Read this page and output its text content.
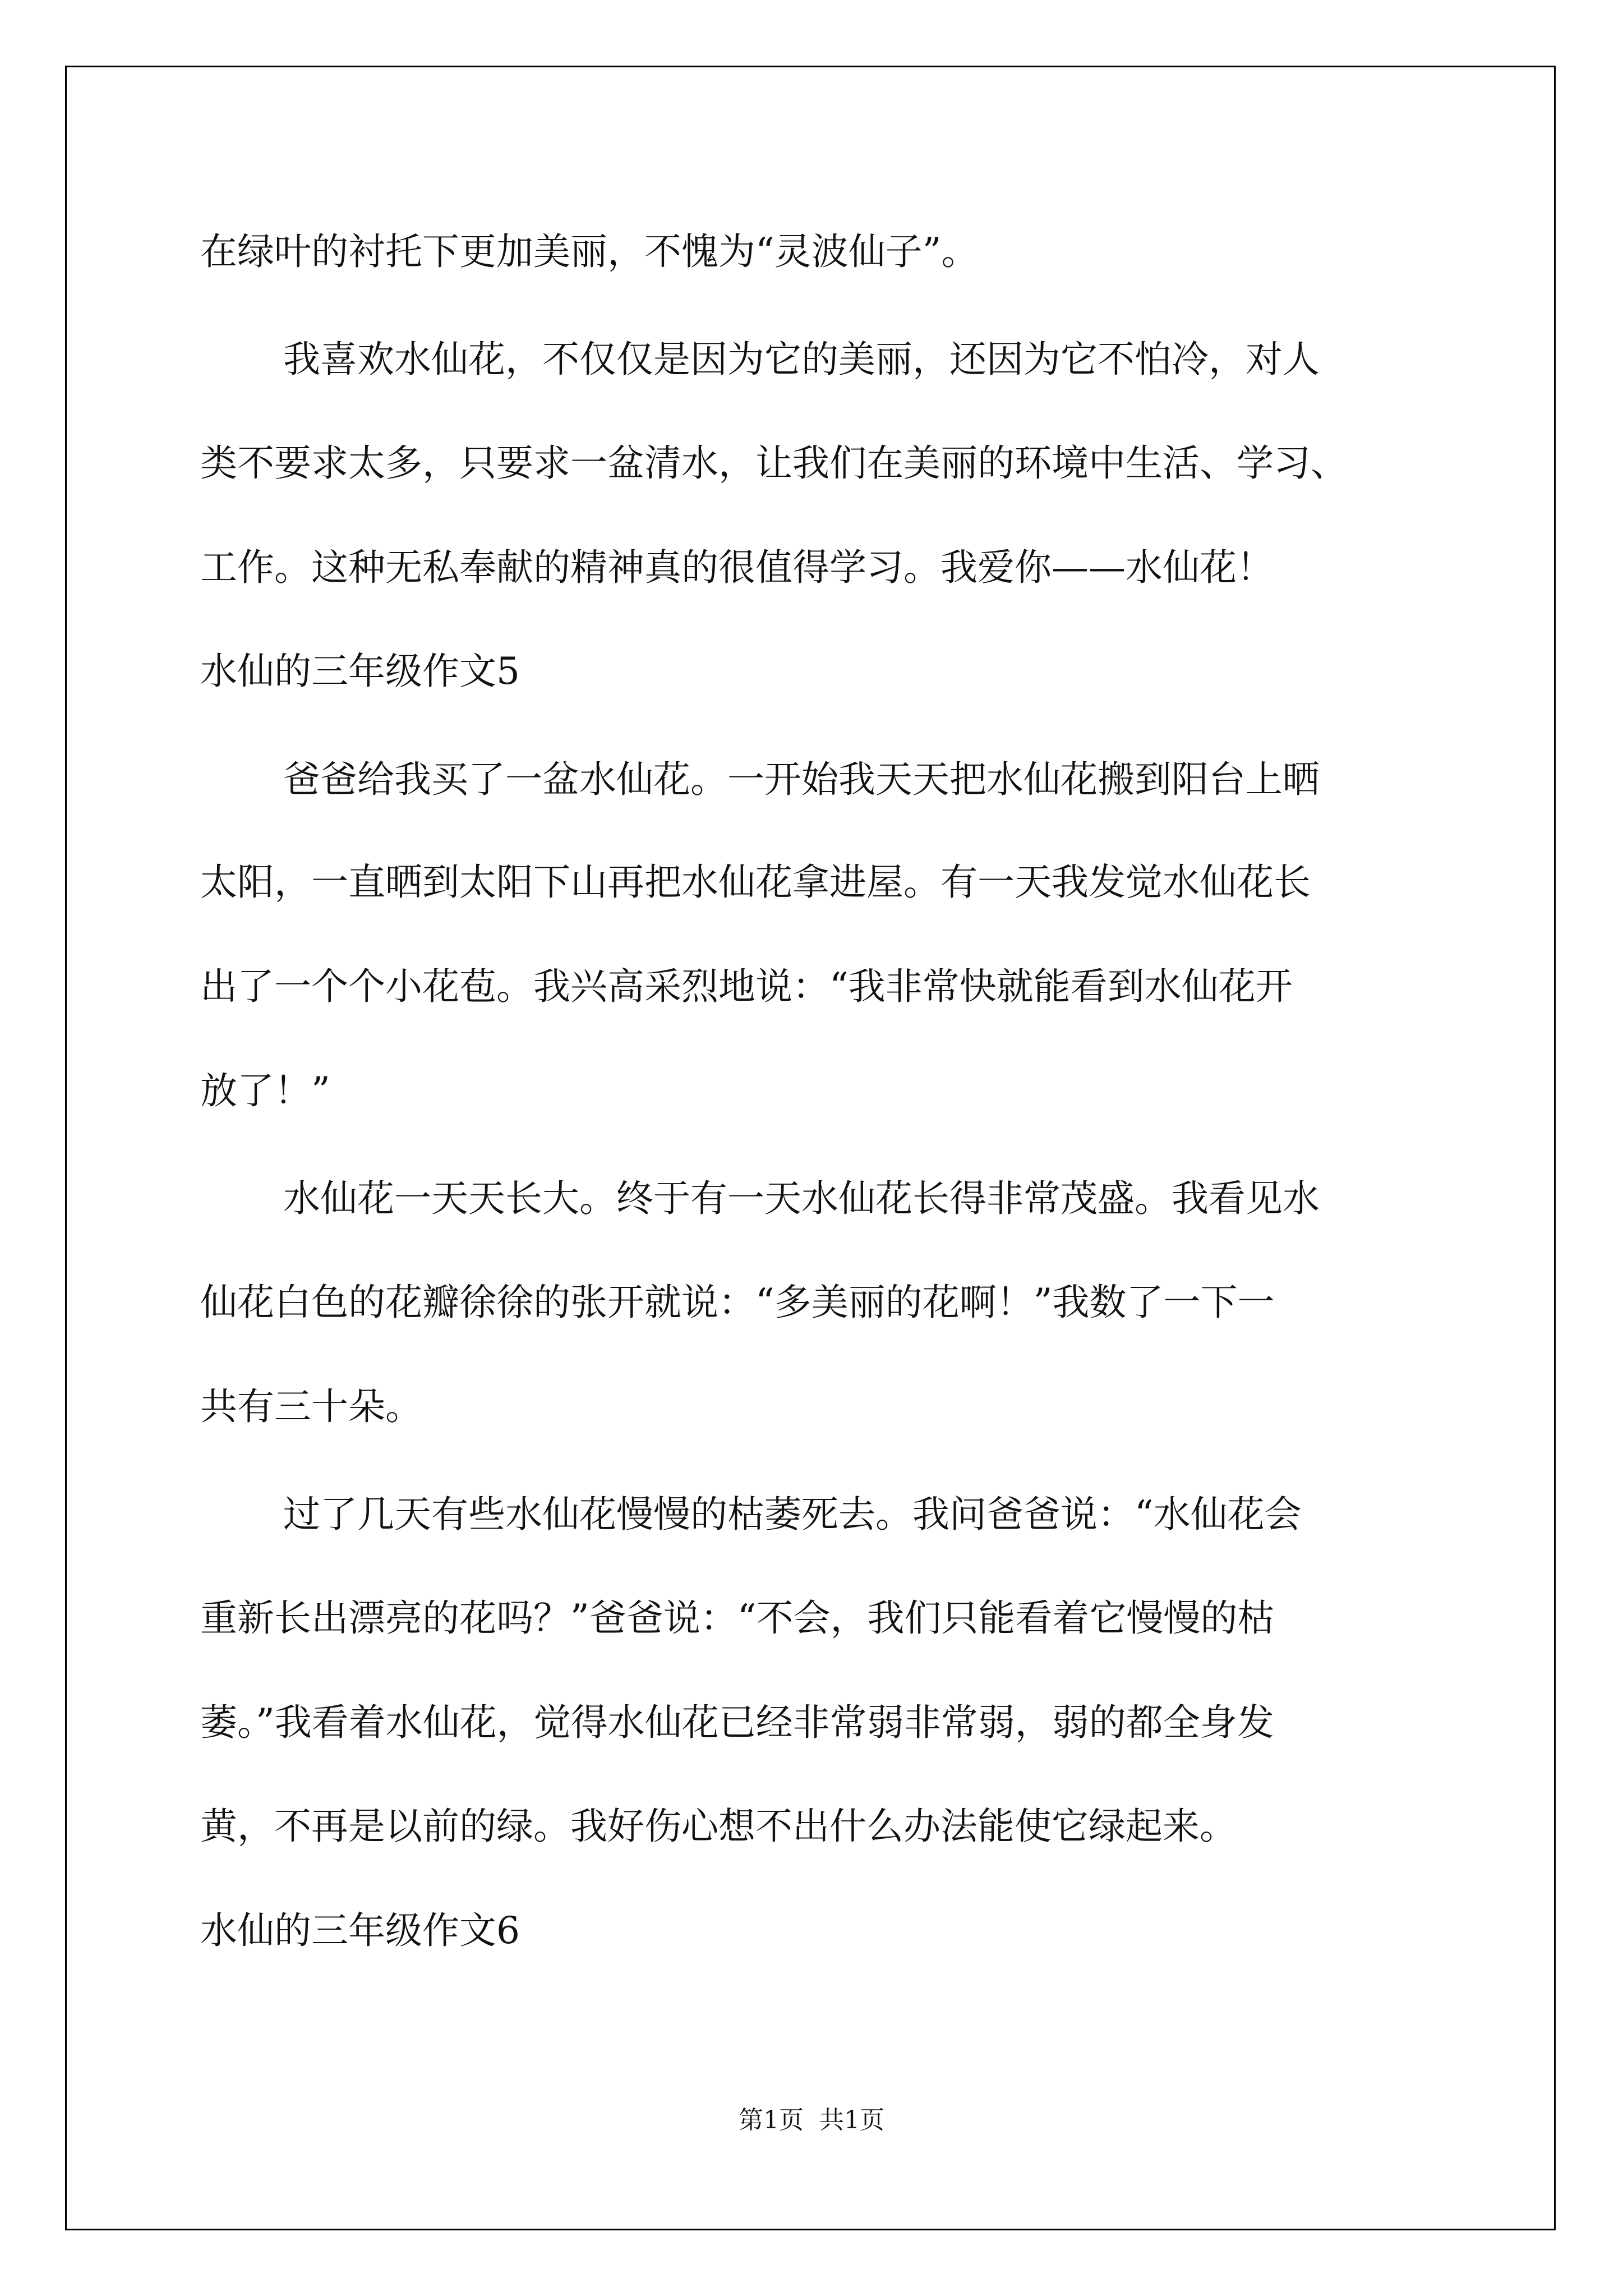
在绿叶的衬托下更加美丽，不愧为“灵波仙子”。
我喜欢水仙花，不仅仅是因为它的美丽，还因为它不怕冷，对人
类不要求太多，只要求一盆清水，让我们在美丽的环境中生活、学习、
工作。这种无私奉献的精神真的很值得学习。我爱你——水仙花！
水仙的三年级作文5
爸爸给我买了一盆水仙花。一开始我天天把水仙花搬到阳台上晒
太阳，一直晒到太阳下山再把水仙花拿进屋。有一天我发觉水仙花长
出了一个个小花苞。我兴高采烈地说：“我非常快就能看到水仙花开
放了！”
水仙花一天天长大。终于有一天水仙花长得非常茂盛。我看见水
仙花白色的花瓣徐徐的张开就说：“多美丽的花啊！”我数了一下一
共有三十朵。
过了几天有些水仙花慢慢的枯萎死去。我问爸爸说：“水仙花会
重新长出漂亮的花吗？”爸爸说：“不会，我们只能看着它慢慢的枯
萎。”我看着水仙花，觉得水仙花已经非常弱非常弱，弱的都全身发
黄，不再是以前的绿。我好伤心想不出什么办法能使它绿起来。
水仙的三年级作文6
第1页  共1页
